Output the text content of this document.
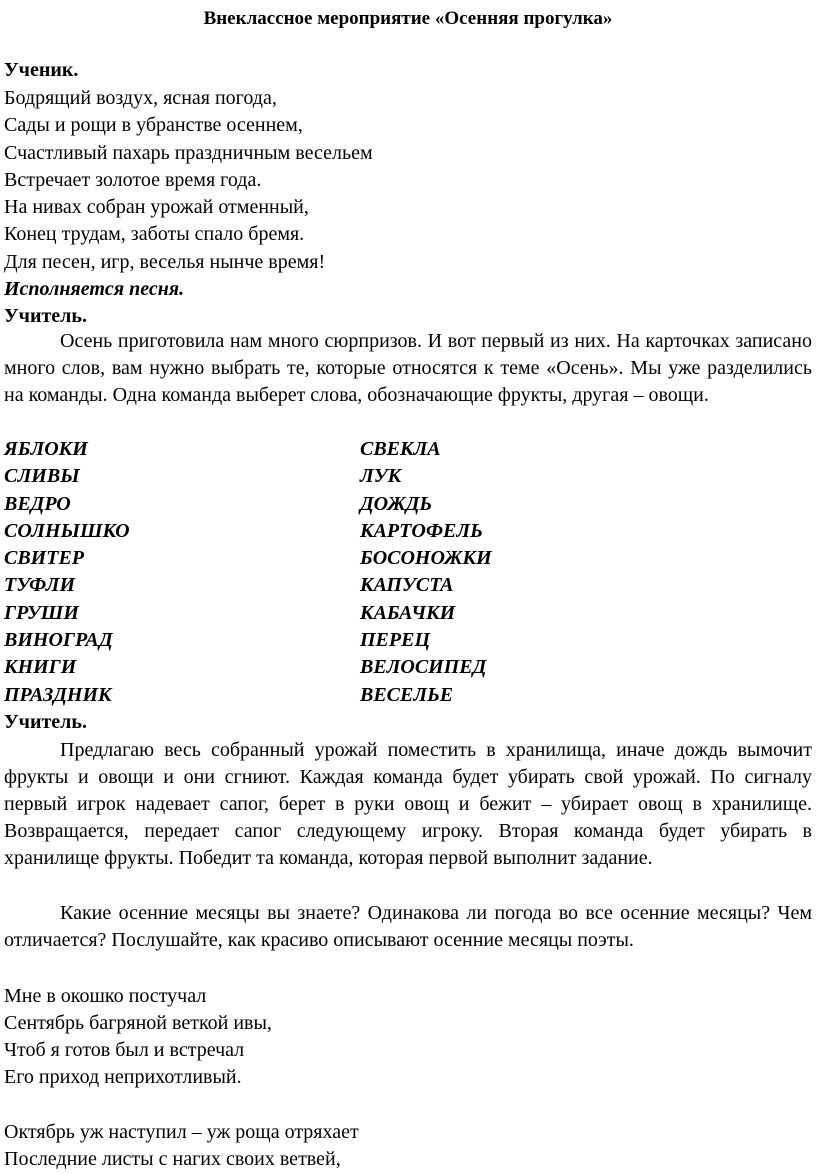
Внеклассное мероприятие «Осенняя прогулка»
Ученик.
Бодрящий воздух, ясная погода,
Сады и рощи в убранстве осеннем,
Счастливый пахарь праздничным весельем
Встречает золотое время года.
На нивах собран урожай отменный,
Конец трудам, заботы спало бремя.
Для песен, игр, веселья нынче время!
Исполняется песня.
Учитель.

Осень приготовила нам много сюрпризов. И вот первый из них. На карточках записано много слов, вам нужно выбрать те, которые относятся к теме «Осень». Мы уже разделились на команды. Одна команда выберет слова, обозначающие фрукты, другая – овощи.

ЯБЛОКИ	СВЕКЛА
СЛИВЫ	ЛУК
ВЕДРО	ДОЖДЬ
СОЛНЫШКО	КАРТОФЕЛЬ
СВИТЕР	БОСОНОЖКИ
ТУФЛИ	КАПУСТА
ГРУШИ	КАБАЧКИ
ВИНОГРАД	ПЕРЕЦ
КНИГИ	ВЕЛОСИПЕД
ПРАЗДНИК	ВЕСЕЛЬЕ
Учитель.

Предлагаю весь собранный урожай поместить в хранилища, иначе дождь вымочит фрукты и овощи и они сгниют. Каждая команда будет убирать свой урожай. По сигналу первый игрок надевает сапог, берет в руки овощ и бежит – убирает овощ в хранилище. Возвращается, передает сапог следующему игроку. Вторая команда будет убирать в хранилище фрукты. Победит та команда, которая первой выполнит задание.

Какие осенние месяцы вы знаете? Одинакова ли погода во все осенние месяцы? Чем отличается? Послушайте, как красиво описывают осенние месяцы поэты.

Мне в окошко постучал
Сентябрь багряной веткой ивы,
Чтоб я готов был и встречал
Его приход неприхотливый.
Октябрь уж наступил – уж роща отряхает
Последние листы с нагих своих ветвей,
